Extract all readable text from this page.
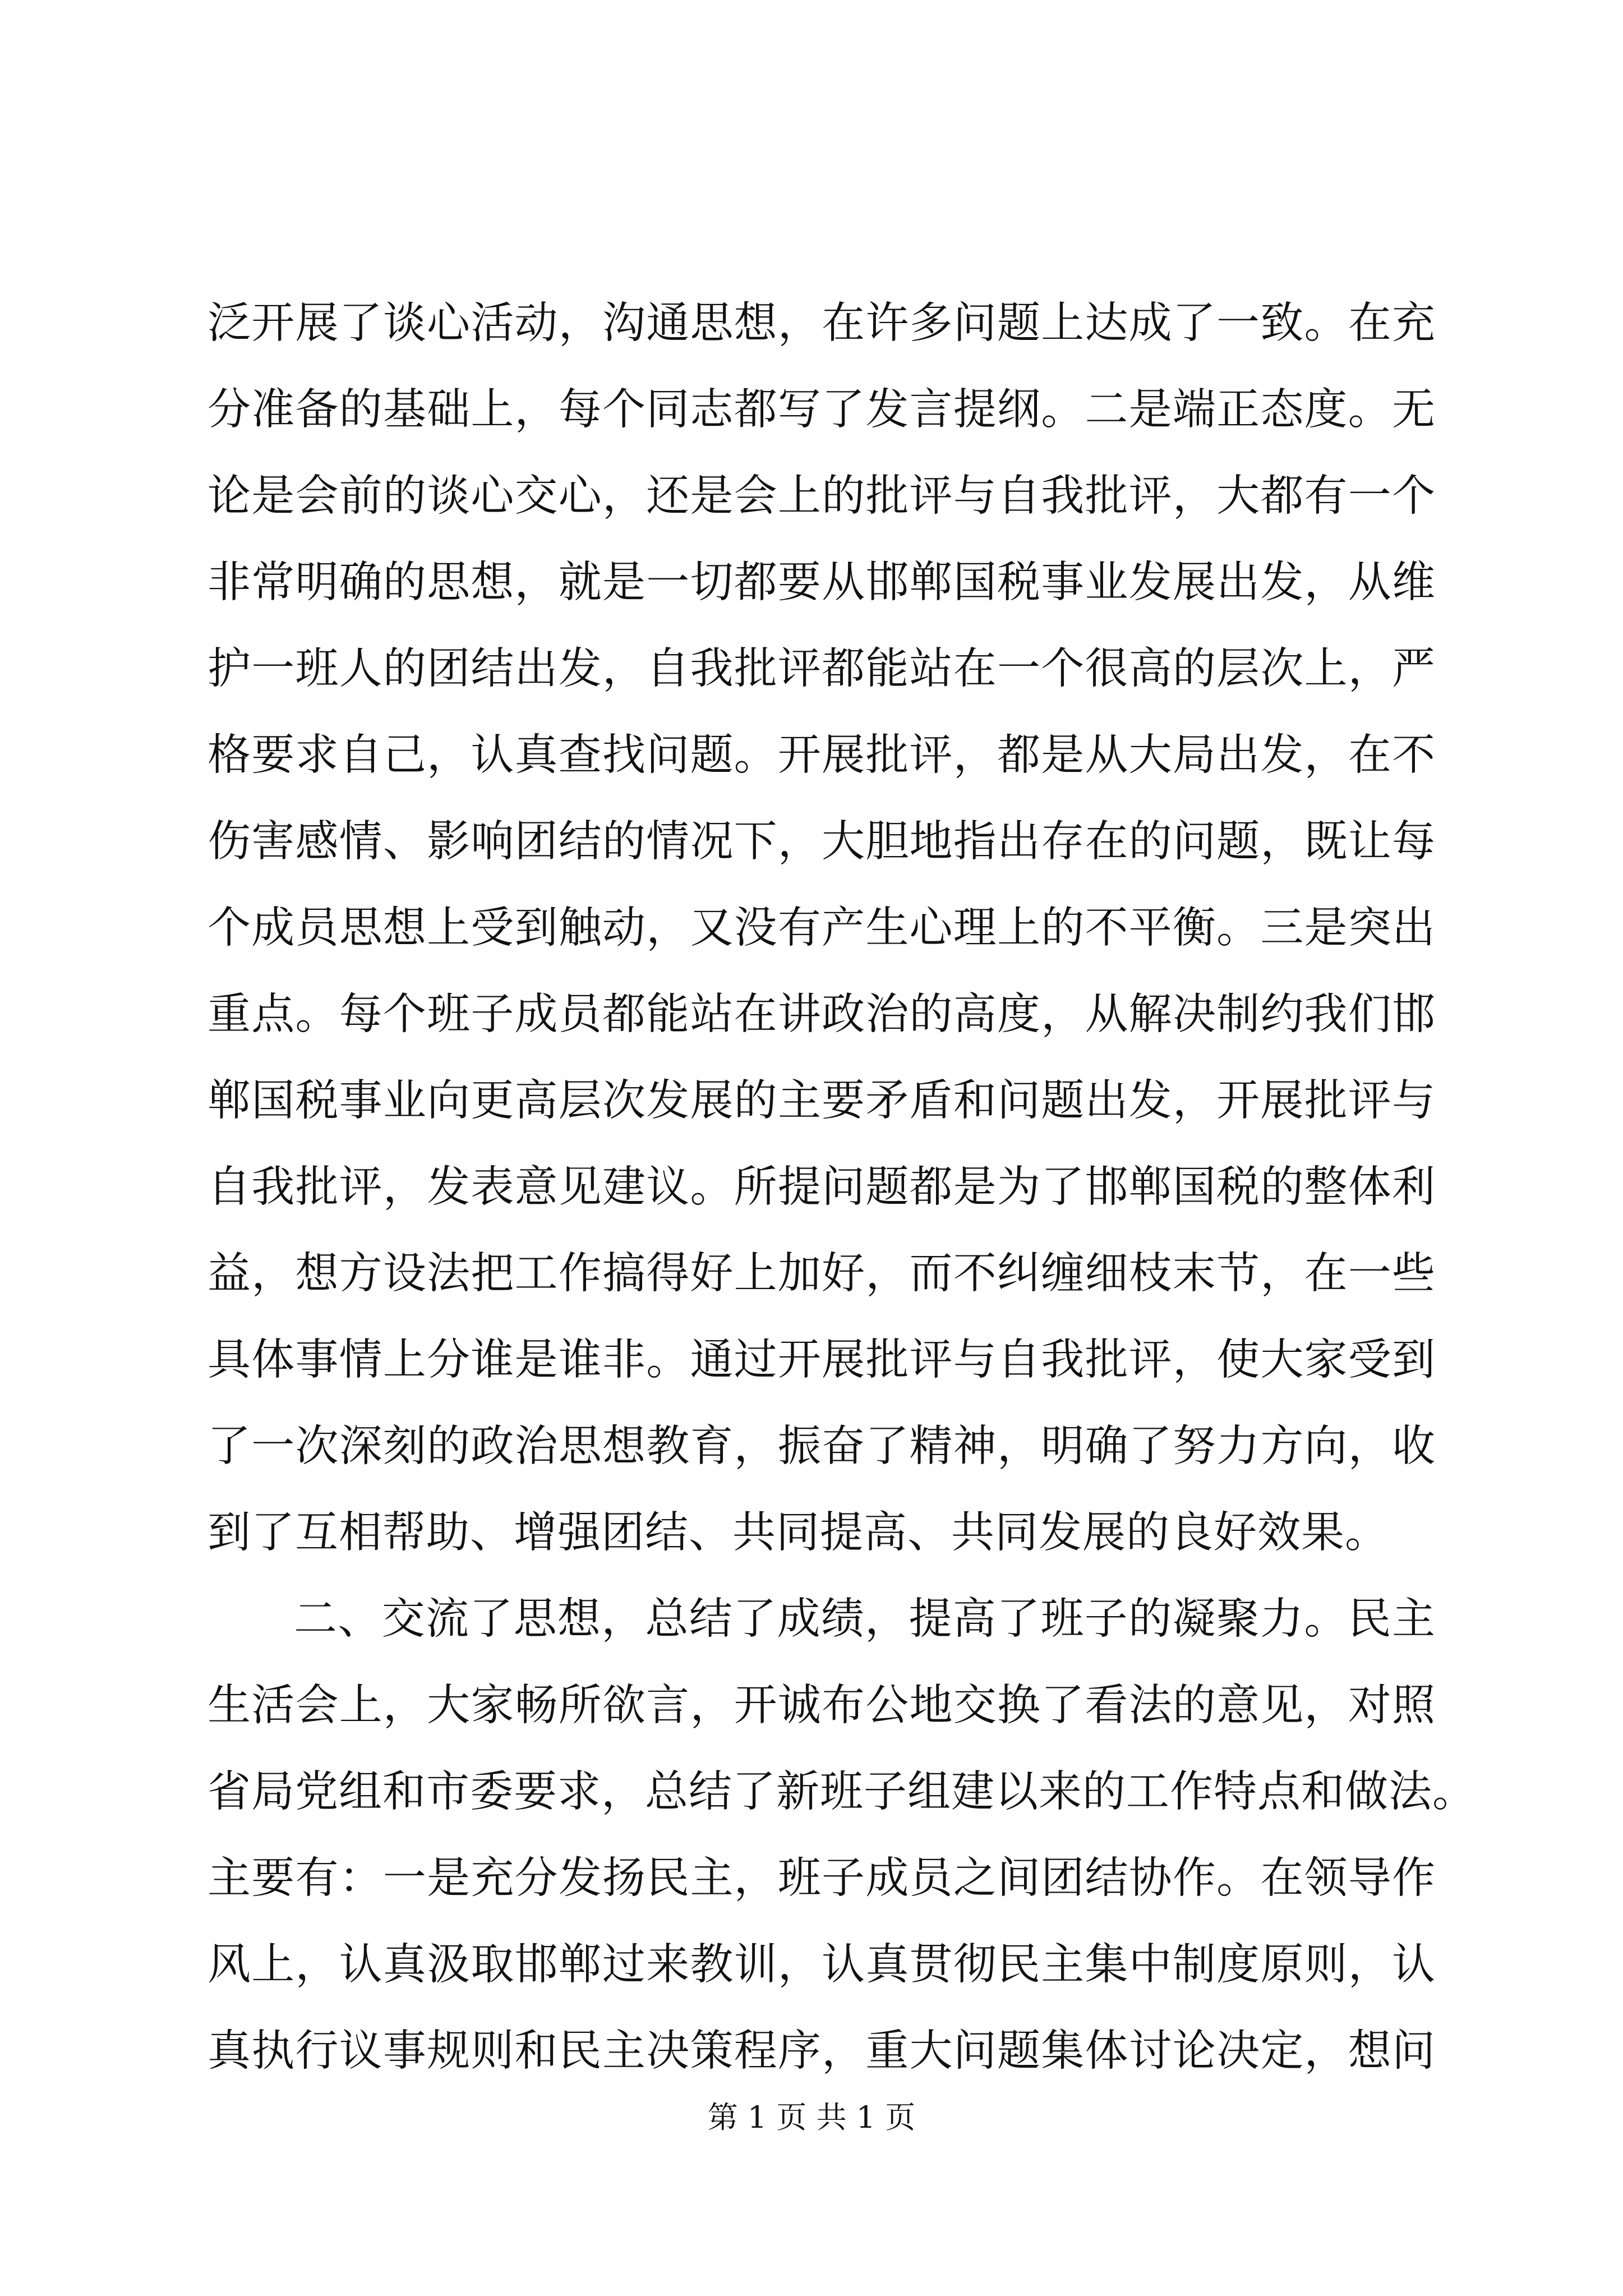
泛开展了谈心活动，沟通思想，在许多问题上达成了一致。在充
分准备的基础上，每个同志都写了发言提纲。二是端正态度。无
论是会前的谈心交心，还是会上的批评与自我批评，大都有一个
非常明确的思想，就是一切都要从邯郸国税事业发展出发，从维
护一班人的团结出发，自我批评都能站在一个很高的层次上，严
格要求自己，认真查找问题。开展批评，都是从大局出发，在不
伤害感情、影响团结的情况下，大胆地指出存在的问题，既让每
个成员思想上受到触动，又没有产生心理上的不平衡。三是突出
重点。每个班子成员都能站在讲政治的高度，从解决制约我们邯
郸国税事业向更高层次发展的主要矛盾和问题出发，开展批评与
自我批评，发表意见建议。所提问题都是为了邯郸国税的整体利
益，想方设法把工作搞得好上加好，而不纠缠细枝末节，在一些
具体事情上分谁是谁非。通过开展批评与自我批评，使大家受到
了一次深刻的政治思想教育，振奋了精神，明确了努力方向，收
到了互相帮助、增强团结、共同提高、共同发展的良好效果。
二、交流了思想，总结了成绩，提高了班子的凝聚力。民主
生活会上，大家畅所欲言，开诚布公地交换了看法的意见，对照
省局党组和市委要求，总结了新班子组建以来的工作特点和做法。
主要有：一是充分发扬民主，班子成员之间团结协作。在领导作
风上，认真汲取邯郸过来教训，认真贯彻民主集中制度原则，认
真执行议事规则和民主决策程序，重大问题集体讨论决定，想问
第 1 页 共 1 页
